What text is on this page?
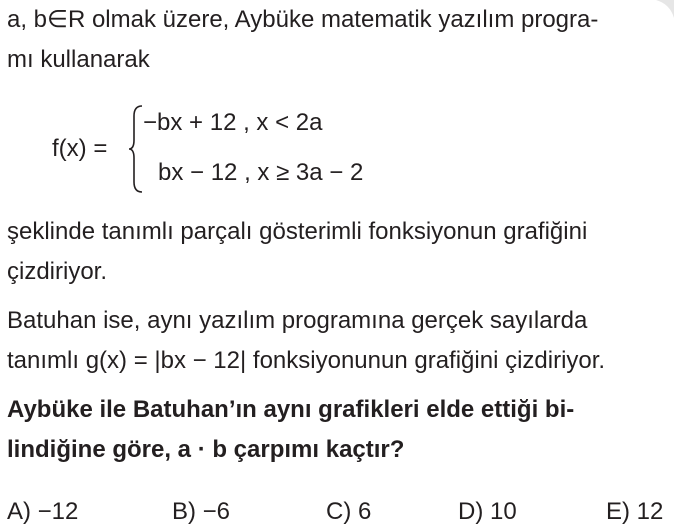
a, b∈R olmak üzere, Aybüke matematik yazılım progra-
mı kullanarak
f(x) =
−bx + 12 , x < 2a
bx − 12 , x ≥ 3a − 2
şeklinde tanımlı parçalı gösterimli fonksiyonun grafiğini
çizdiriyor.
Batuhan ise, aynı yazılım programına gerçek sayılarda
tanımlı g(x) = |bx − 12| fonksiyonunun grafiğini çizdiriyor.
Aybüke ile Batuhan’ın aynı grafikleri elde ettiği bi-
lindiğine göre, a · b çarpımı kaçtır?
A) −12	B) −6	C) 6	D) 10	E) 12
